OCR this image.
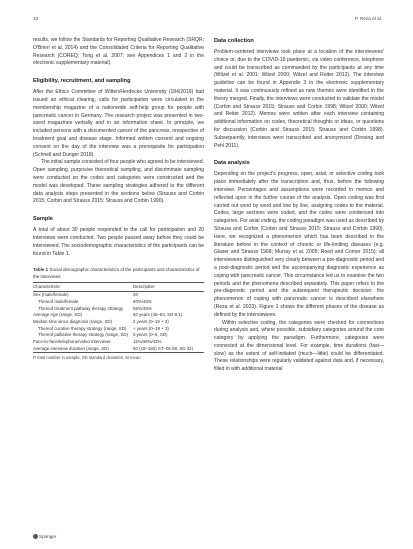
10	P. Reza et al.

results, we follow the Standards for Reporting Qualitative Research (SRQR; O'Brien et al. 2014) and the Consolidated Criteria for Reporting Qualitative Research (COREQ; Tong et al. 2007; see Appendices 1 and 2 in the electronic supplementary material).

Eligibility, recruitment, and sampling

After the Ethics Committee of Witten/Herdecke University (184/2019) had issued an ethical clearing, calls for participation were circulated in the membership magazine of a nationwide self-help group for people with pancreatic cancer in Germany. The research project was presented in two-sized magazines verbally and in an information sheet. In principle, we included persons with a documented cancer of the pancreas, irrespective of treatment goal and disease stage. Informed written consent and ongoing consent on the day of the interview was a prerequisite for participation (Schnell and Dunger 2018).

The initial sample consisted of four people who agreed to be interviewed. Open sampling, purposive theoretical sampling, and discriminate sampling were conducted so the codes and categories were constructed and the model was developed. These sampling strategies adhered to the different data analysis steps presented in the sections below (Strauss and Corbin 2015; Corbin and Strauss 2015; Strauss and Corbin 1990).

Sample

A total of about 30 people responded to the call for participation and 20 interviews were conducted. Two people passed away before they could be interviewed. The sociodemographic characteristics of the participants can be found in Table 1.

Table 1 Social demographic characteristics of the participants and characteristics of the interviews
Characteristic	Descriptive
Sex (male/female)	20
Thereof male/female	60%/40%
Thereof treatment pathway therapy strategy	65%/35%
Average Age (range, SD)	60 years (45–83, SD 9.1)
Median time since diagnosis (range, SD)	2 years (0–19 + 3)
Thereof curative therapy strategy (range, SD)	+ years (0–19 + 3)
Thereof palliative therapy strategy (range, SD)	0 years (0–5, SD)
Face-to-face/telephone/video interviews	11%/46%/43%
Average interview duration (range, SD)	60 (19–160) ST–05 08, SD 32)
R total number in sample, SD standard deviation, M mean
Data collection

Problem-centered interviews took place at a location of the interviewees' choice or, due to the COVID-19 pandemic, via video conference, telephone and could be transcribed as commanded by the participants at any time (Witzel et al. 2001; Witzel 2000; Witzel and Reiter 2012). The interview guideline can be found in Appendix 3 in the electronic supplementary material. It was continuously refined as new themes were identified in the theory merged. Finally, the interviews were conducted to validate the model (Corbin and Strauss 2015; Strauss and Corbin 1998; Witzel 2000; Witzel and Reiter 2012). Memos were written after each interview containing additional information on codes, theoretical thoughts or ideas, or questions for discussion (Corbin and Strauss 2015; Strauss and Corbin 1998). Subsequently, interviews were transcribed and anonymized (Dresing and Pehl 2011).

Data analysis

Depending on the project's progress, open, axial, or selective coding took place immediately after the transcription and, thus, before the following interview. Percentages and assumptions were recorded in memos and reflected upon in the further course of the analysis. Open coding was first carried out word by word and line by line, assigning codes to the material. Codes, large sections were coded, and the codes were condensed into categories. For axial coding, the coding paradigm was used as described by Strauss and Corbin (Corbin and Strauss 2015; Strauss and Corbin 1990). Here, we recognized a phenomenon which has been described in the literature before in the context of chronic or life-limiting diseases (e.g. Glaser and Strauss 1968; Murray et al. 2005; Reed and Corner 2015): all interviewees distinguished very clearly between a pre-diagnostic period and a post-diagnostic period and the accompanying diagnostic experience as coping with pancreatic cancer. This circumstance led us to examine the two periods and the phenomena described separately. This paper refers to the pre-diagnostic period and the subsequent therapeutic decision: the phenomenon of coping with pancreatic cancer is described elsewhere (Reza et al. 2023). Figure 1 shows the different phases of the disease as defined by the interviewees.

Within selective coding, the categories were checked for connections during analysis and, where possible, subsidiary categories around the core category by applying the paradigm. Furthermore, categories were connected at the dimensional level. For example, time durations (fast—slow) as the extent of self-initiated (much—little) could be differentiated. These relationships were regularly validated against data and, if necessary, filled in with additional material

Springer
